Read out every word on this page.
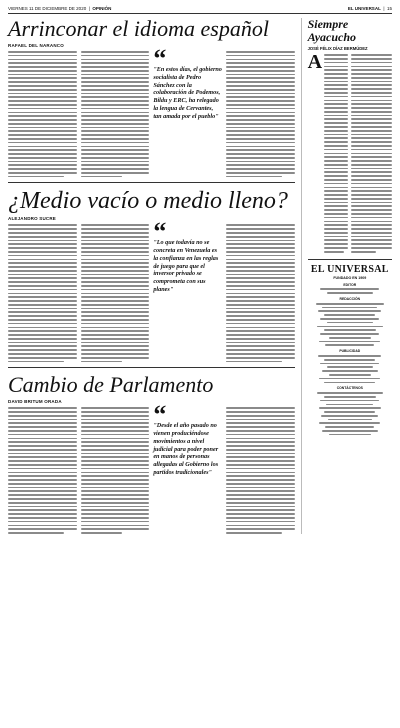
VIERNES 11 DE DICIEMBRE DE 2020  |  OPINIÓN	EL UNIVERSAL  |  15
Arrinconar el idioma español
RAFAEL DEL NARANCO	“
"En estos días, el gobierno socialista de Pedro Sánchez con la colaboración de Podemos, Bildu y ERC, ha relegado la lengua de Cervantes, tan amada por el pueblo"
¿Medio vacío o medio lleno?
ALEJANDRO SUCRE	“
"Lo que todavía no se concreta en Venezuela es la confianza en las reglas de juego para que el inversor privado se comprometa con sus planes"
Cambio de Parlamento
DAVID BRITUM ORADA	“
"Desde el año pasado no vienen produciéndose movimientos a nivel judicial para poder poner en manos de personas allegadas al Gobierno los partidos tradicionales"
Siempre Ayacucho
JOSÉ FÉLIX DÍAZ BERMÚDEZ
A
EL UNIVERSAL
FUNDADO EN 1909
EDITOR
REDACCIÓN
PUBLICIDAD
CONTÁCTENOS
